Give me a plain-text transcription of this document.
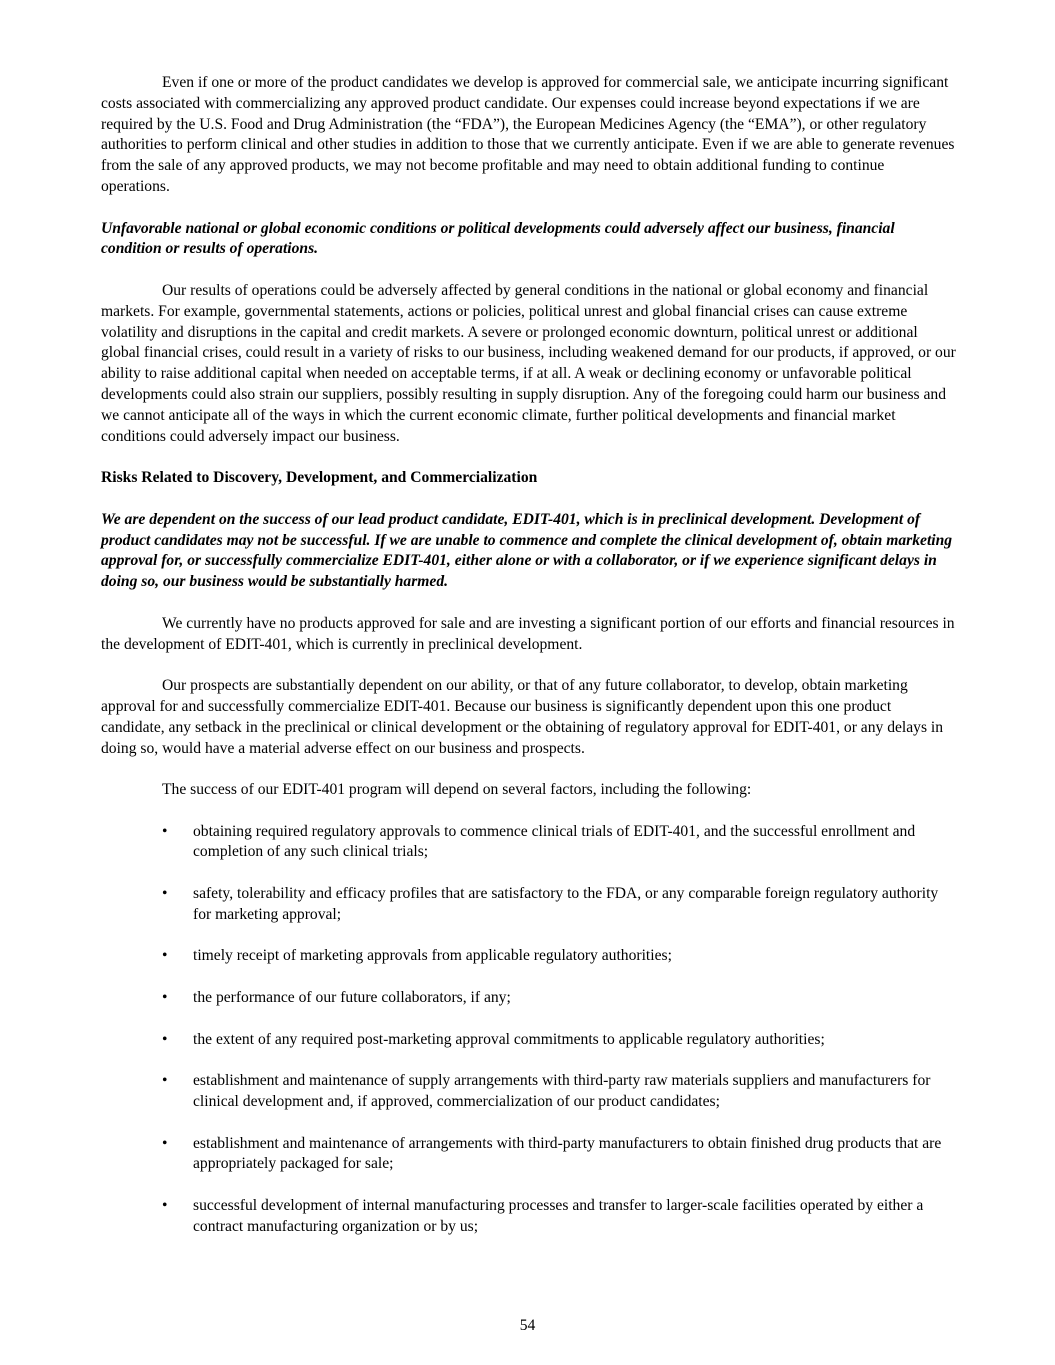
Even if one or more of the product candidates we develop is approved for commercial sale, we anticipate incurring significant costs associated with commercializing any approved product candidate. Our expenses could increase beyond expectations if we are required by the U.S. Food and Drug Administration (the “FDA”), the European Medicines Agency (the “EMA”), or other regulatory authorities to perform clinical and other studies in addition to those that we currently anticipate. Even if we are able to generate revenues from the sale of any approved products, we may not become profitable and may need to obtain additional funding to continue operations.

Unfavorable national or global economic conditions or political developments could adversely affect our business, financial condition or results of operations.

Our results of operations could be adversely affected by general conditions in the national or global economy and financial markets. For example, governmental statements, actions or policies, political unrest and global financial crises can cause extreme volatility and disruptions in the capital and credit markets. A severe or prolonged economic downturn, political unrest or additional global financial crises, could result in a variety of risks to our business, including weakened demand for our products, if approved, or our ability to raise additional capital when needed on acceptable terms, if at all. A weak or declining economy or unfavorable political developments could also strain our suppliers, possibly resulting in supply disruption. Any of the foregoing could harm our business and we cannot anticipate all of the ways in which the current economic climate, further political developments and financial market conditions could adversely impact our business.

Risks Related to Discovery, Development, and Commercialization

We are dependent on the success of our lead product candidate, EDIT-401, which is in preclinical development. Development of product candidates may not be successful. If we are unable to commence and complete the clinical development of, obtain marketing approval for, or successfully commercialize EDIT-401, either alone or with a collaborator, or if we experience significant delays in doing so, our business would be substantially harmed.

We currently have no products approved for sale and are investing a significant portion of our efforts and financial resources in the development of EDIT-401, which is currently in preclinical development.

Our prospects are substantially dependent on our ability, or that of any future collaborator, to develop, obtain marketing approval for and successfully commercialize EDIT-401. Because our business is significantly dependent upon this one product candidate, any setback in the preclinical or clinical development or the obtaining of regulatory approval for EDIT-401, or any delays in doing so, would have a material adverse effect on our business and prospects.

The success of our EDIT-401 program will depend on several factors, including the following:

• obtaining required regulatory approvals to commence clinical trials of EDIT-401, and the successful enrollment and completion of any such clinical trials;
• safety, tolerability and efficacy profiles that are satisfactory to the FDA, or any comparable foreign regulatory authority for marketing approval;
• timely receipt of marketing approvals from applicable regulatory authorities;
• the performance of our future collaborators, if any;
• the extent of any required post-marketing approval commitments to applicable regulatory authorities;
• establishment and maintenance of supply arrangements with third-party raw materials suppliers and manufacturers for clinical development and, if approved, commercialization of our product candidates;
• establishment and maintenance of arrangements with third-party manufacturers to obtain finished drug products that are appropriately packaged for sale;
• successful development of internal manufacturing processes and transfer to larger-scale facilities operated by either a contract manufacturing organization or by us;
54
